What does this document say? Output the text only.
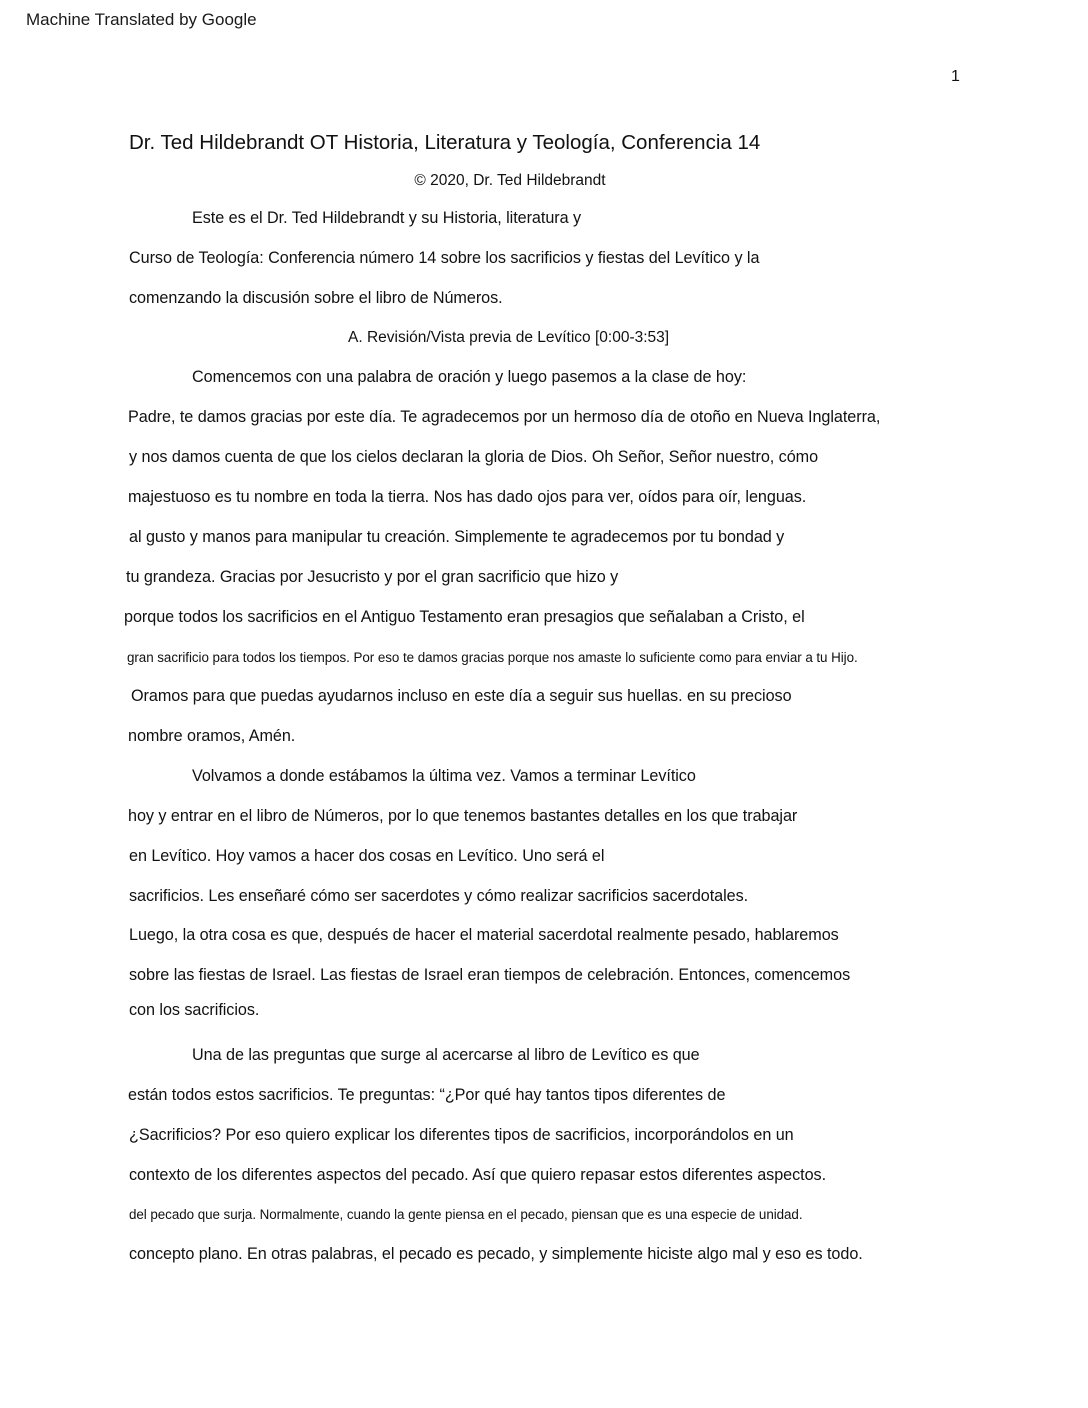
Machine Translated by Google
1
Dr. Ted Hildebrandt OT Historia, Literatura y Teología, Conferencia 14
© 2020, Dr. Ted Hildebrandt
Este es el Dr. Ted Hildebrandt y su Historia, literatura y
Curso de Teología: Conferencia número 14 sobre los sacrificios y fiestas del Levítico y la
comenzando la discusión sobre el libro de Números.
A. Revisión/Vista previa de Levítico [0:00-3:53]
Comencemos con una palabra de oración y luego pasemos a la clase de hoy:
Padre, te damos gracias por este día. Te agradecemos por un hermoso día de otoño en Nueva Inglaterra,
y nos damos cuenta de que los cielos declaran la gloria de Dios. Oh Señor, Señor nuestro, cómo
majestuoso es tu nombre en toda la tierra. Nos has dado ojos para ver, oídos para oír, lenguas.
al gusto y manos para manipular tu creación. Simplemente te agradecemos por tu bondad y
tu grandeza. Gracias por Jesucristo y por el gran sacrificio que hizo y
porque todos los sacrificios en el Antiguo Testamento eran presagios que señalaban a Cristo, el
gran sacrificio para todos los tiempos. Por eso te damos gracias porque nos amaste lo suficiente como para enviar a tu Hijo.
Oramos para que puedas ayudarnos incluso en este día a seguir sus huellas. en su precioso
nombre oramos, Amén.
Volvamos a donde estábamos la última vez. Vamos a terminar Levítico
hoy y entrar en el libro de Números, por lo que tenemos bastantes detalles en los que trabajar
en Levítico. Hoy vamos a hacer dos cosas en Levítico. Uno será el
sacrificios. Les enseñaré cómo ser sacerdotes y cómo realizar sacrificios sacerdotales.
Luego, la otra cosa es que, después de hacer el material sacerdotal realmente pesado, hablaremos
sobre las fiestas de Israel. Las fiestas de Israel eran tiempos de celebración. Entonces, comencemos
con los sacrificios.
Una de las preguntas que surge al acercarse al libro de Levítico es que
están todos estos sacrificios. Te preguntas: “¿Por qué hay tantos tipos diferentes de
¿Sacrificios? Por eso quiero explicar los diferentes tipos de sacrificios, incorporándolos en un
contexto de los diferentes aspectos del pecado. Así que quiero repasar estos diferentes aspectos.
del pecado que surja. Normalmente, cuando la gente piensa en el pecado, piensan que es una especie de unidad.
concepto plano. En otras palabras, el pecado es pecado, y simplemente hiciste algo mal y eso es todo.
